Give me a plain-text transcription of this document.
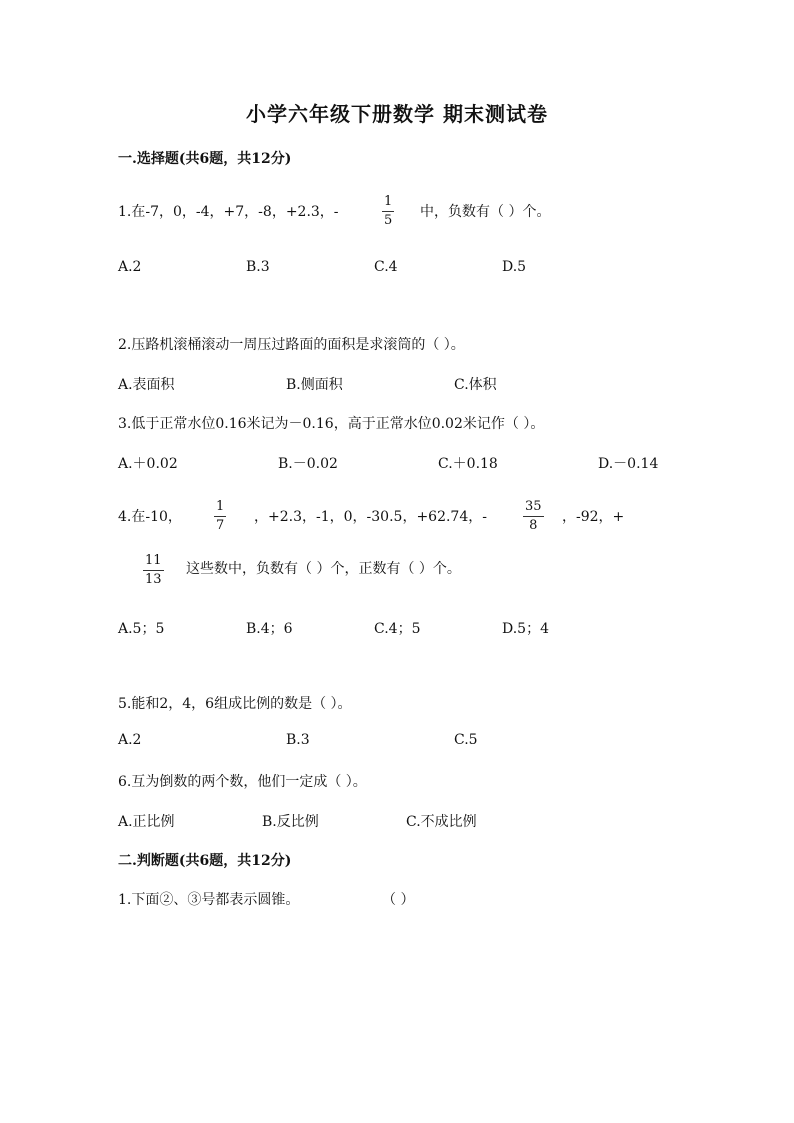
小学六年级下册数学 期末测试卷
一.选择题(共6题，共12分)
1.在-7，0，-4，+7，-8，+2.3，-
1
5
中，负数有（ ）个。
A.2	B.3	C.4	D.5
2.压路机滚桶滚动一周压过路面的面积是求滚筒的（ ）。
A.表面积	B.侧面积	C.体积
3.低于正常水位0.16米记为－0.16，高于正常水位0.02米记作（ ）。
A.＋0.02	B.－0.02	C.＋0.18	D.－0.14
4.在-10，
1
7
，+2.3，-1，0，-30.5，+62.74，-
35
8
，-92，+
11
13
这些数中，负数有（ ）个，正数有（ ）个。
A.5；5	B.4；6	C.4；5	D.5；4
5.能和2，4，6组成比例的数是（ ）。
A.2	B.3	C.5
6.互为倒数的两个数，他们一定成（ ）。
A.正比例	B.反比例	C.不成比例
二.判断题(共6题，共12分)
1.下面②、③号都表示圆锥。	（ ）
